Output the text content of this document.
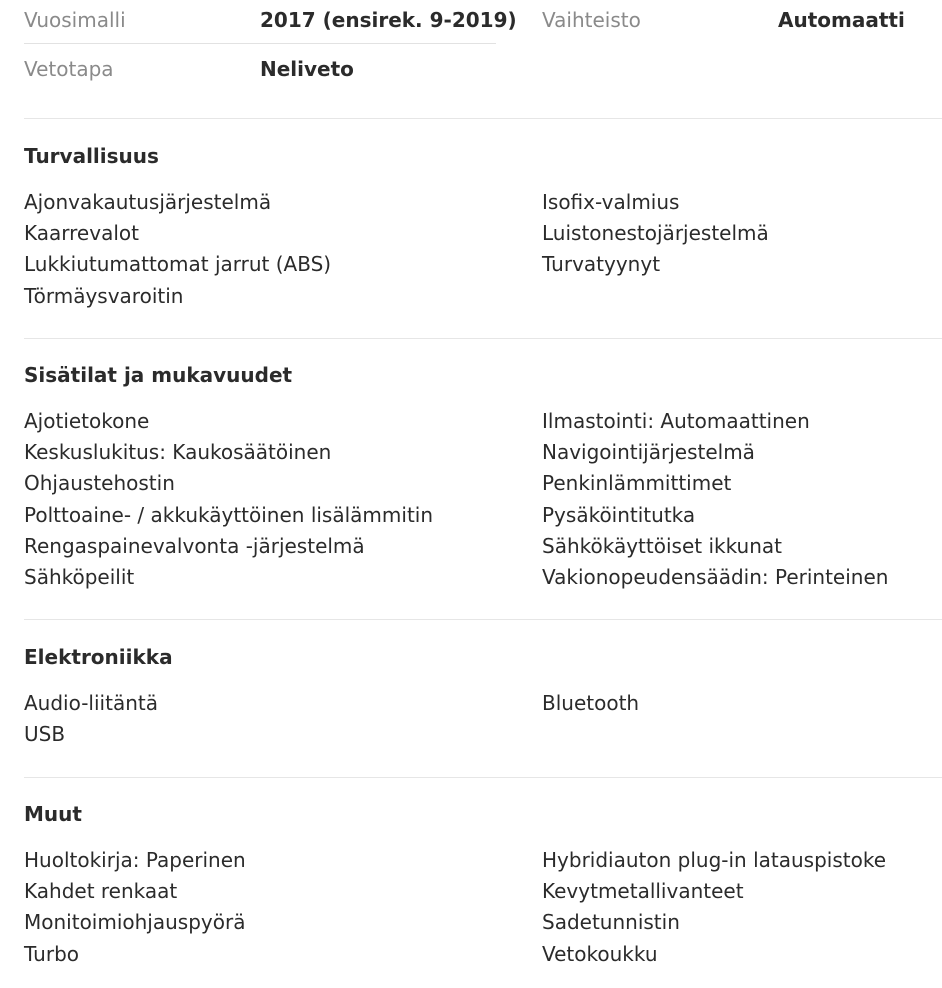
Vuosimalli	2017 (ensirek. 9-2019) Vaihteisto	Automaatti
Vetotapa	Neliveto
Turvallisuus
Ajonvakautusjärjestelmä
Kaarrevalot
Lukkiutumattomat jarrut (ABS)
Törmäysvaroitin
Isofix-valmius
Luistonestojärjestelmä
Turvatyynyt
Sisätilat ja mukavuudet
Ajotietokone
Keskuslukitus: Kaukosäätöinen
Ohjaustehostin
Polttoaine- / akkukäyttöinen lisälämmitin
Rengaspainevalvonta -järjestelmä
Sähköpeilit
Ilmastointi: Automaattinen
Navigointijärjestelmä
Penkinlämmittimet
Pysäköintitutka
Sähkökäyttöiset ikkunat
Vakionopeudensäädin: Perinteinen
Elektroniikka
Audio-liitäntä
USB
Bluetooth
Muut
Huoltokirja: Paperinen
Kahdet renkaat
Monitoimiohjauspyörä
Turbo
Hybridiauton plug-in latauspistoke
Kevytmetallivanteet
Sadetunnistin
Vetokoukku
